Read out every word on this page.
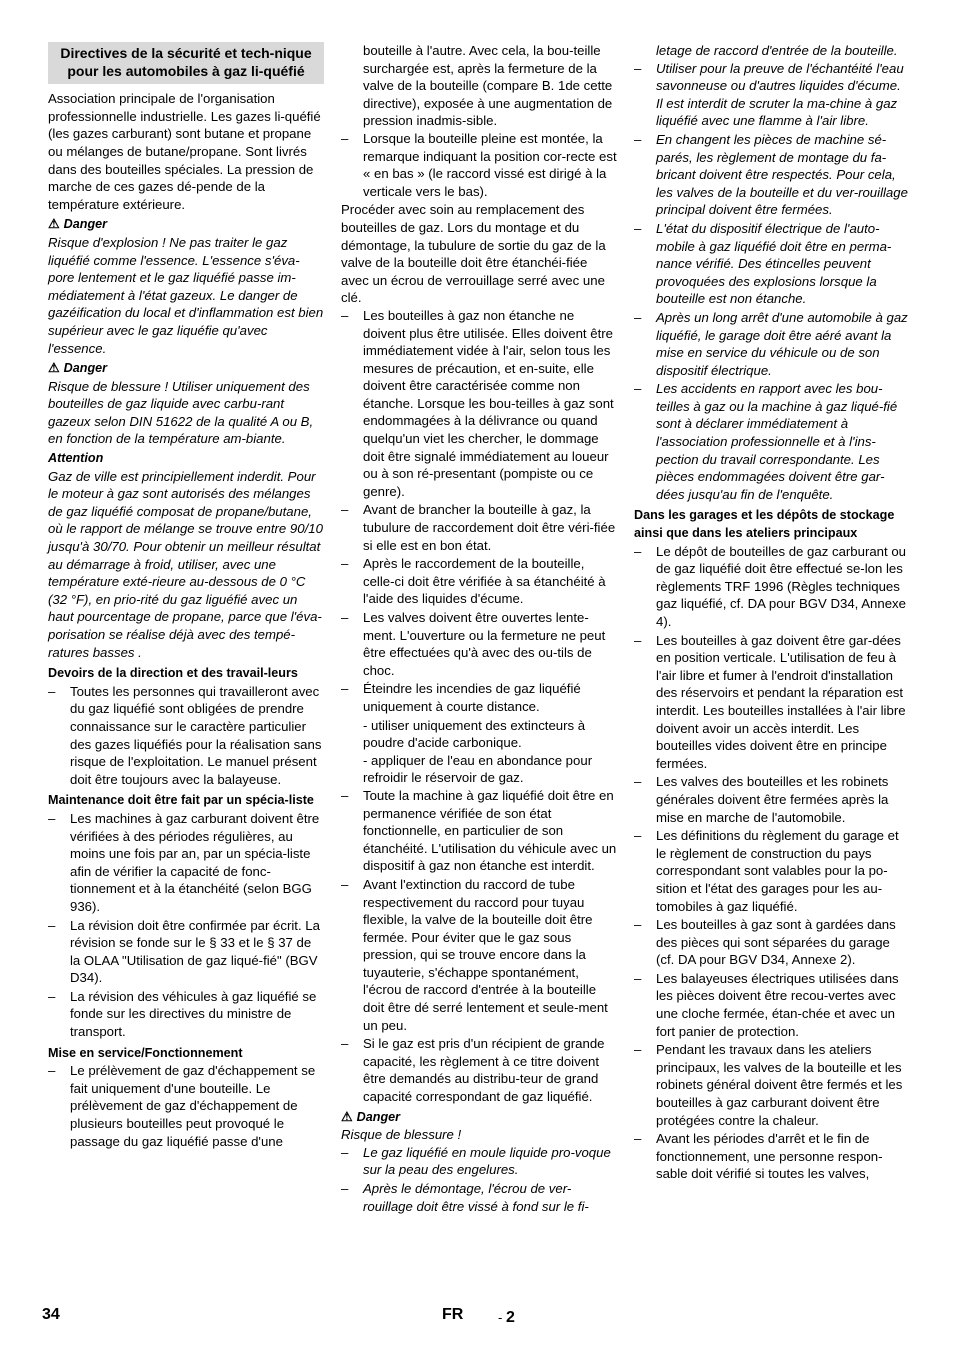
Directives de la sécurité et tech-nique pour les automobiles à gaz li-quéfié

Association principale de l'organisation professionnelle industrielle. Les gazes li-quéfié (les gazes carburant) sont butane et propane ou mélanges de butane/propane. Sont livrés dans des bouteilles spéciales. La pression de marche de ces gazes dé-pende de la température extérieure.

⚠ Danger

Risque d'explosion ! Ne pas traiter le gaz liquéfié comme l'essence. L'essence s'éva-pore lentement et le gaz liquéfié passe im-médiatement à l'état gazeux. Le danger de gazéification du local et d'inflammation est bien supérieur avec le gaz liquéfie qu'avec l'essence.

⚠ Danger

Risque de blessure ! Utiliser uniquement des bouteilles de gaz liquide avec carbu-rant gazeux selon DIN 51622 de la qualité A ou B, en fonction de la température am-biante.

Attention

Gaz de ville est principiellement inderdit. Pour le moteur à gaz sont autorisés des mélanges de gaz liquéfié composat de propane/butane, où le rapport de mélange se trouve entre 90/10 jusqu'à 30/70. Pour obtenir un meilleur résultat au démarrage à froid, utiliser, avec une température exté-rieure au-dessous de 0 °C (32 °F), en prio-rité du gaz liguéfié avec un haut pourcentage de propane, parce que l'éva-porisation se réalise déjà avec des tempé-ratures basses .

Devoirs de la direction et des travail-leurs
– Toutes les personnes qui travailleront avec du gaz liquéfié sont obligées de prendre connaissance sur le caractère particulier des gazes liquéfiés pour la réalisation sans risque de l'exploitation. Le manuel présent doit être toujours avec la balayeuse.
Maintenance doit être fait par un spécia-liste
– Les machines à gaz carburant doivent être vérifiées à des périodes régulières, au moins une fois par an, par un spécia-liste afin de vérifier la capacité de fonc-tionnement et à la étanchéité (selon BGG 936).
– La révision doit être confirmée par écrit. La révision se fonde sur le § 33 et le § 37 de la OLAA "Utilisation de gaz liqué-fié" (BGV D34).
– La révision des véhicules à gaz liquéfié se fonde sur les directives du ministre de transport.
Mise en service/Fonctionnement
– Le prélèvement de gaz d'échappement se fait uniquement d'une bouteille. Le prélèvement de gaz d'échappement de plusieurs bouteilles peut provoqué le passage du gaz liquéfié passe d'une

bouteille à l'autre. Avec cela, la bou-teille surchargée est, après la fermeture de la valve de la bouteille (compare B. 1de cette directive), exposée à une augmentation de pression inadmis-sible.

– Lorsque la bouteille pleine est montée, la remarque indiquant la position cor-recte est « en bas » (le raccord vissé est dirigé à la verticale vers le bas).

Procéder avec soin au remplacement des bouteilles de gaz. Lors du montage et du démontage, la tubulure de sortie du gaz de la valve de la bouteille doit être étanchéi-fiée avec un écrou de verrouillage serré avec une clé.

– Les bouteilles à gaz non étanche ne doivent plus être utilisée. Elles doivent être immédiatement vidée à l'air, selon tous les mesures de précaution, et en-suite, elle doivent être caractérisée comme non étanche. Lorsque les bou-teilles à gaz sont endommagées à la délivrance ou quand quelqu'un viet les chercher, le dommage doit être signalé immédiatement au loueur ou à son ré-presentant (pompiste ou ce genre).
– Avant de brancher la bouteille à gaz, la tubulure de raccordement doit être véri-fiée si elle est en bon état.
– Après le raccordement de la bouteille, celle-ci doit être vérifiée à sa étanchéité à l'aide des liquides d'écume.
– Les valves doivent être ouvertes lente-ment. L'ouverture ou la fermeture ne peut être effectuées qu'à avec des ou-tils de choc.
– Éteindre les incendies de gaz liquéfié uniquement à courte distance.

- utiliser uniquement des extincteurs à poudre d'acide carbonique.

- appliquer de l'eau en abondance pour refroidir le réservoir de gaz.

– Toute la machine à gaz liquéfié doit être en permanence vérifiée de son état fonctionnelle, en particulier de son étanchéité. L'utilisation du véhicule avec un dispositif à gaz non étanche est interdit.
– Avant l'extinction du raccord de tube respectivement du raccord pour tuyau flexible, la valve de la bouteille doit être fermée. Pour éviter que le gaz sous pression, qui se trouve encore dans la tuyauterie, s'échappe spontanément, l'écrou de raccord d'entrée à la bouteille doit être dé serré lentement et seule-ment un peu.
– Si le gaz est pris d'un récipient de grande capacité, les règlement à ce titre doivent être demandés au distribu-teur de grand capacité correspondant de gaz liquéfié.
⚠ Danger

Risque de blessure !

– Le gaz liquéfié en moule liquide pro-voque sur la peau des engelures.
– Après le démontage, l'écrou de ver-rouillage doit être vissé à fond sur le fi-

letage de raccord d'entrée de la bouteille.

– Utiliser pour la preuve de l'échantéité l'eau savonneuse ou d'autres liquides d'écume. Il est interdit de scruter la ma-chine à gaz liquéfié avec une flamme à l'air libre.
– En changent les pièces de machine sé-parés, les règlement de montage du fa-bricant doivent être respectés. Pour cela, les valves de la bouteille et du ver-rouillage principal doivent être fermées.
– L'état du dispositif électrique de l'auto-mobile à gaz liquéfié doit être en perma-nance vérifié. Des étincelles peuvent provoquées des explosions lorsque la bouteille est non étanche.
– Après un long arrêt d'une automobile à gaz liquéfié, le garage doit être aéré avant la mise en service du véhicule ou de son dispositif électrique.
– Les accidents en rapport avec les bou-teilles à gaz ou la machine à gaz liqué-fié sont à déclarer immédiatement à l'association professionnelle et à l'ins-pection du travail correspondante. Les pièces endommagées doivent être gar-dées jusqu'au fin de l'enquête.
Dans les garages et les dépôts de stockage ainsi que dans les ateliers principaux
– Le dépôt de bouteilles de gaz carburant ou de gaz liquéfié doit être effectué se-lon les règlements TRF 1996 (Règles techniques gaz liquéfié, cf. DA pour BGV D34, Annexe 4).
– Les bouteilles à gaz doivent être gar-dées en position verticale. L'utilisation de feu à l'air libre et fumer à l'endroit d'installation des réservoirs et pendant la réparation est interdit. Les bouteilles installées à l'air libre doivent avoir un accès interdit. Les bouteilles vides doivent être en principe fermées.
– Les valves des bouteilles et les robinets générales doivent être fermées après la mise en marche de l'automobile.
– Les définitions du règlement du garage et le règlement de construction du pays correspondant sont valables pour la po-sition et l'état des garages pour les au-tomobiles à gaz liquéfié.
– Les bouteilles à gaz sont à gardées dans des pièces qui sont séparées du garage (cf. DA pour BGV D34, Annexe 2).
– Les balayeuses électriques utilisées dans les pièces doivent être recou-vertes avec une cloche fermée, étan-chée et avec un fort panier de protection.
– Pendant les travaux dans les ateliers principaux, les valves de la bouteille et les robinets général doivent être fermés et les bouteilles à gaz carburant doivent être protégées contre la chaleur.
– Avant les périodes d'arrêt et le fin de fonctionnement, une personne respon-sable doit vérifié si toutes les valves,
34	FR	- 2
